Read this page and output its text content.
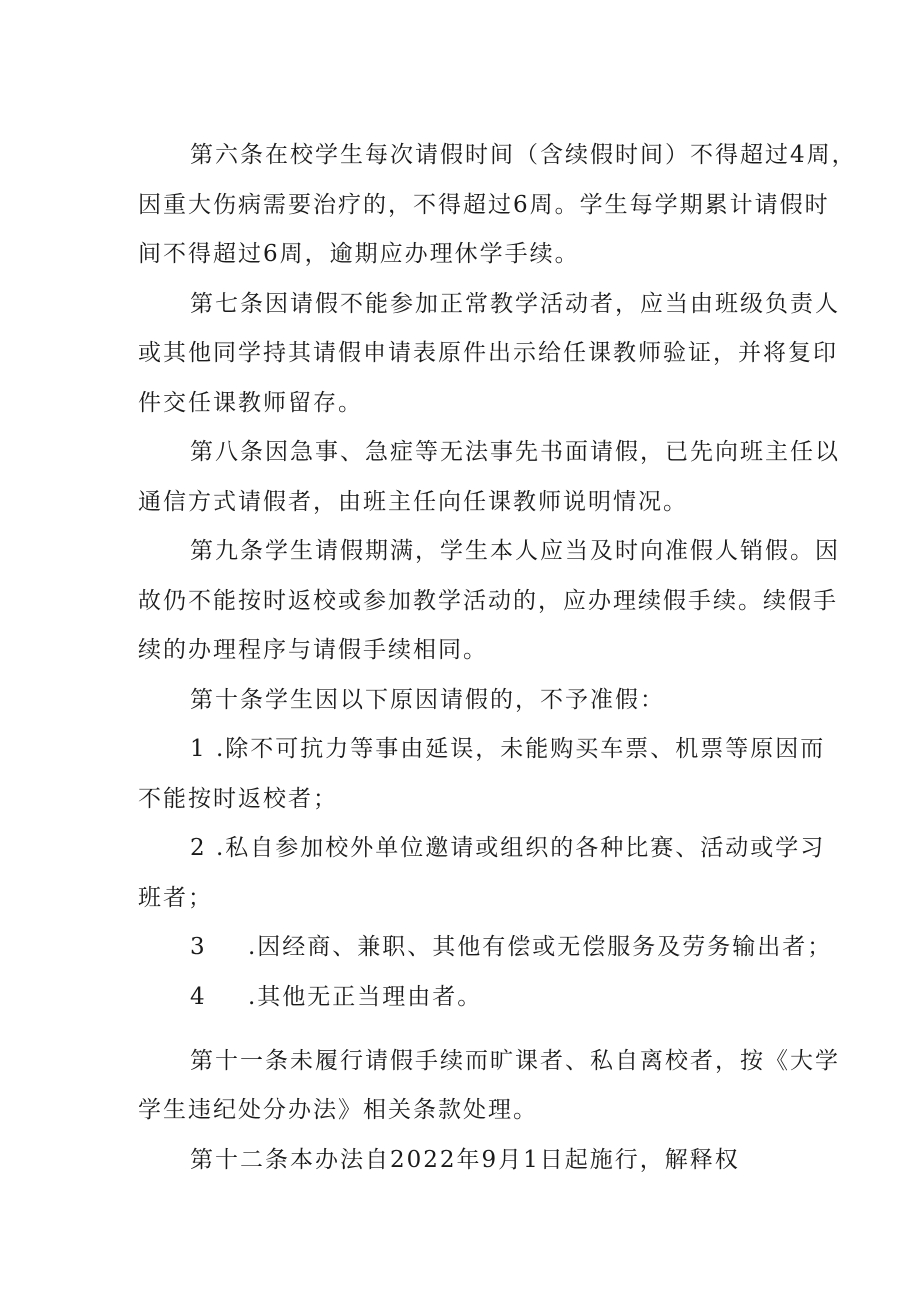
第六条在校学生每次请假时间（含续假时间）不得超过4周，
因重大伤病需要治疗的，不得超过6周。学生每学期累计请假时
间不得超过6周，逾期应办理休学手续。
第七条因请假不能参加正常教学活动者，应当由班级负责人
或其他同学持其请假申请表原件出示给任课教师验证，并将复印
件交任课教师留存。
第八条因急事、急症等无法事先书面请假，已先向班主任以
通信方式请假者，由班主任向任课教师说明情况。
第九条学生请假期满，学生本人应当及时向准假人销假。因
故仍不能按时返校或参加教学活动的，应办理续假手续。续假手
续的办理程序与请假手续相同。
第十条学生因以下原因请假的，不予准假：
1 .除不可抗力等事由延误，未能购买车票、机票等原因而
不能按时返校者；
2 .私自参加校外单位邀请或组织的各种比赛、活动或学习
班者；
3 .因经商、兼职、其他有偿或无偿服务及劳务输出者；
4 .其他无正当理由者。
第十一条未履行请假手续而旷课者、私自离校者，按《大学
学生违纪处分办法》相关条款处理。
第十二条本办法自2022年9月1日起施行，解释权
